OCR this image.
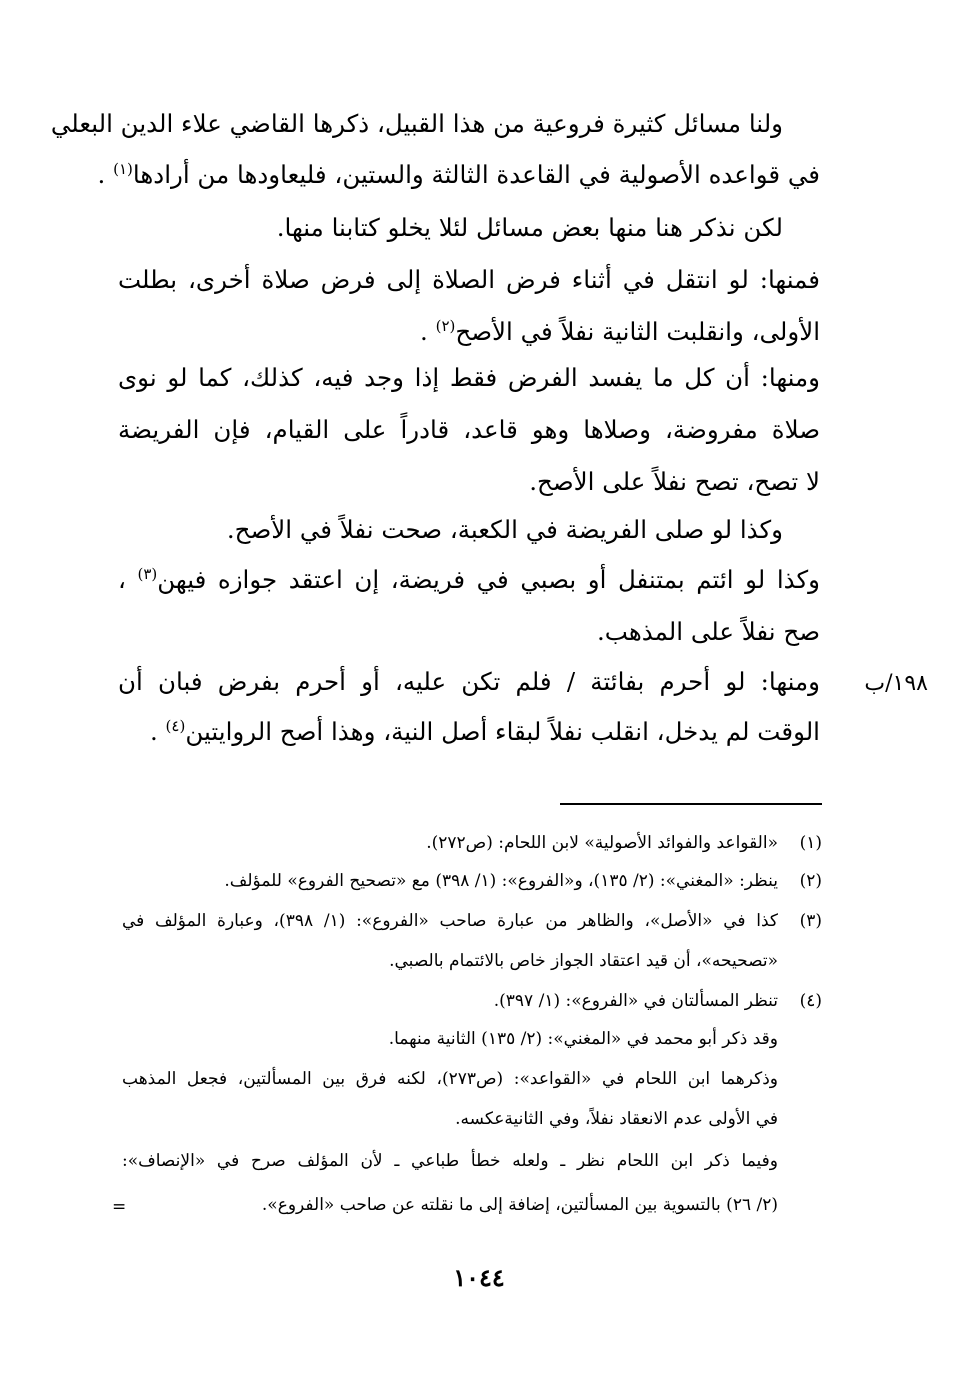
ولنا مسائل كثيرة فروعية من هذا القبيل، ذكرها القاضي علاء الدين البعلي
في قواعده الأصولية في القاعدة الثالثة والستين، فليعاودها من أرادها$^{(١)}$ .
لكن نذكر هنا منها بعض مسائل لئلا يخلو كتابنا منها.
فمنها: لو انتقل في أثناء فرض الصلاة إلى فرض صلاة أخرى، بطلت
الأولى، وانقلبت الثانية نفلاً في الأصح$^{(٢)}$ .
ومنها: أن كل ما يفسد الفرض فقط إذا وجد فيه، كذلك، كما لو نوى
صلاة مفروضة، وصلاها وهو قاعد، قادراً على القيام، فإن الفريضة
لا تصح، تصح نفلاً على الأصح.
وكذا لو صلى الفريضة في الكعبة، صحت نفلاً في الأصح.
وكذا لو ائتم بمتنفل أو بصبي في فريضة، إن اعتقد جوازه فيهن$^{(٣)}$ ،
صح نفلاً على المذهب.
ومنها: لو أحرم بفائتة / فلم تكن عليه، أو أحرم بفرض فبان أن
الوقت لم يدخل، انقلب نفلاً لبقاء أصل النية، وهذا أصح الروايتين$^{(٤)}$ .
١٩٨/ب
(١)
«القواعد والفوائد الأصولية» لابن اللحام: (ص٢٧٢).
(٢)
ينظر: «المغني»: (٢/ ١٣٥)، و«الفروع»: (١/ ٣٩٨) مع «تصحيح الفروع» للمؤلف.
(٣)
كذا في «الأصل»، والظاهر من عبارة صاحب «الفروع»: (١/ ٣٩٨)، وعبارة المؤلف في
«تصحيحه»، أن قيد اعتقاد الجواز خاص بالائتمام بالصبي.
(٤)
تنظر المسألتان في «الفروع»: (١/ ٣٩٧).
وقد ذكر أبو محمد في «المغني»: (٢/ ١٣٥) الثانية منهما.
وذكرهما ابن اللحام في «القواعد»: (ص٢٧٣)، لكنه فرق بين المسألتين، فجعل المذهب
في الأولى عدم الانعقاد نفلاً، وفي الثانيةعكسه.
وفيما ذكر ابن اللحام نظر ـ ولعله خطأ طباعي ـ لأن المؤلف صرح في «الإنصاف»:
(٢/ ٢٦) بالتسوية بين المسألتين، إضافة إلى ما نقلته عن صاحب «الفروع».
=
١٠٤٤
